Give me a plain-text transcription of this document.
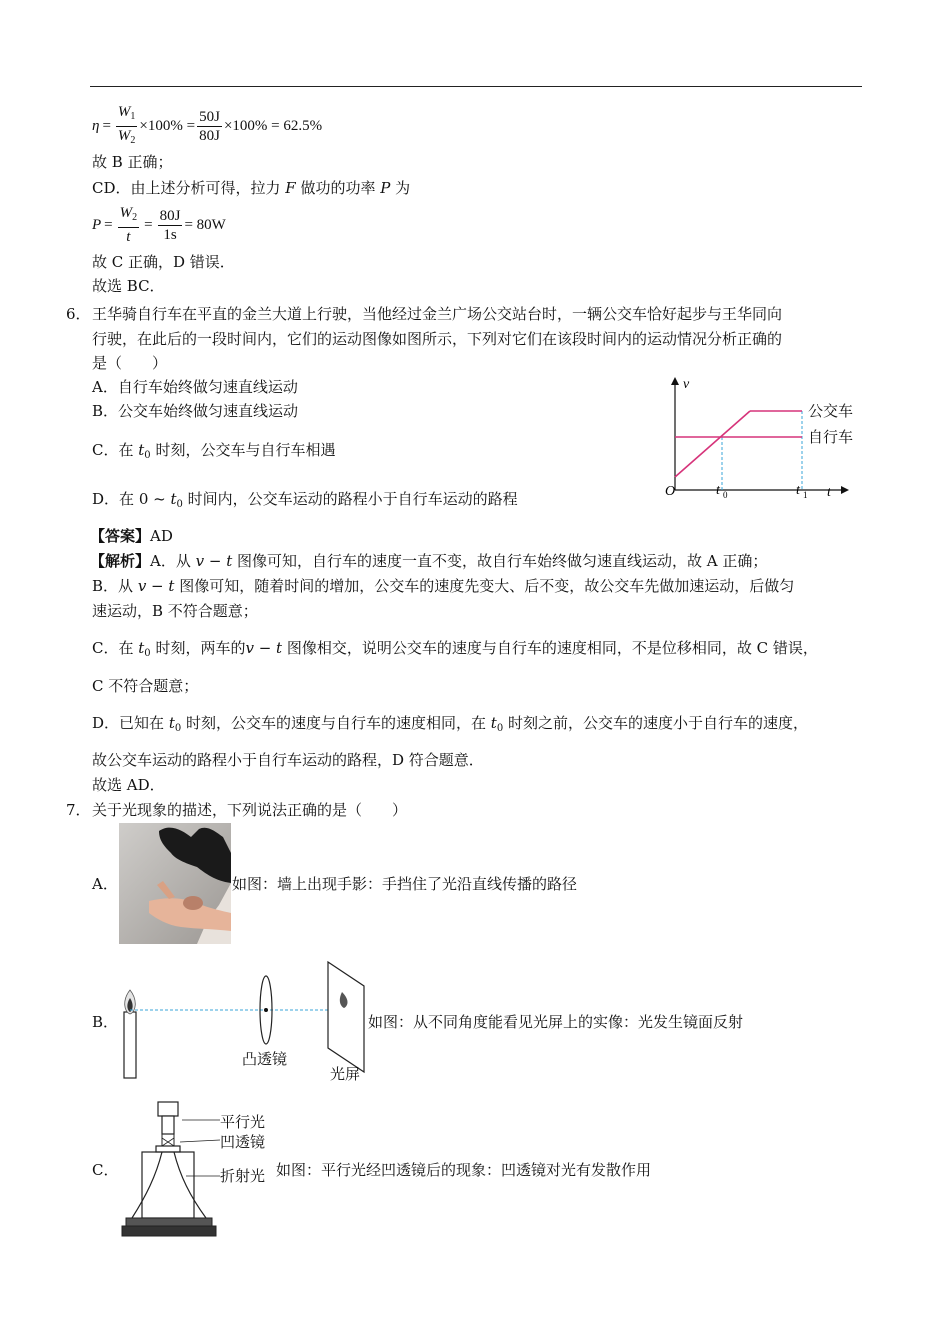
$\eta = \frac{W_1}{W_2} \times 100\% = \frac{50J}{80J} \times 100\% = 62.5\%$
故 B 正确；
CD．由上述分析可得，拉力 F 做功的功率 P 为
$P = \frac{W_2}{t} = \frac{80J}{1s} = 80W$
故 C 正确，D 错误．
故选 BC．
6． 王华骑自行车在平直的金兰大道上行驶，当他经过金兰广场公交站台时，一辆公交车恰好起步与王华同向
行驶，在此后的一段时间内，它们的运动图像如图所示，下列对它们在该段时间内的运动情况分析正确的
是（　　）
A．自行车始终做匀速直线运动
B．公交车始终做匀速直线运动
C．在 $t_0$ 时刻，公交车与自行车相遇
D．在 0 ~ $t_0$ 时间内，公交车运动的路程小于自行车运动的路程
v
t
O	t 0	t 1
公交车
自行车
【答案】AD
【解析】A．从 v − t 图像可知，自行车的速度一直不变，故自行车始终做匀速直线运动，故 A 正确；
B．从 v − t 图像可知，随着时间的增加，公交车的速度先变大、后不变，故公交车先做加速运动，后做匀
速运动，B 不符合题意；
C．在 $t_0$ 时刻，两车的v − t 图像相交，说明公交车的速度与自行车的速度相同，不是位移相同，故 C 错误，
C 不符合题意；
D．已知在 $t_0$ 时刻，公交车的速度与自行车的速度相同，在 $t_0$ 时刻之前，公交车的速度小于自行车的速度，
故公交车运动的路程小于自行车运动的路程，D 符合题意．
故选 AD．
7． 关于光现象的描述，下列说法正确的是（　　）
A．	如图：墙上出现手影：手挡住了光沿直线传播的路径
B．
凸透镜
光屏
如图：从不同角度能看见光屏上的实像：光发生镜面反射
C．
平行光
凹透镜
折射光 如图：平行光经凹透镜后的现象：凹透镜对光有发散作用
